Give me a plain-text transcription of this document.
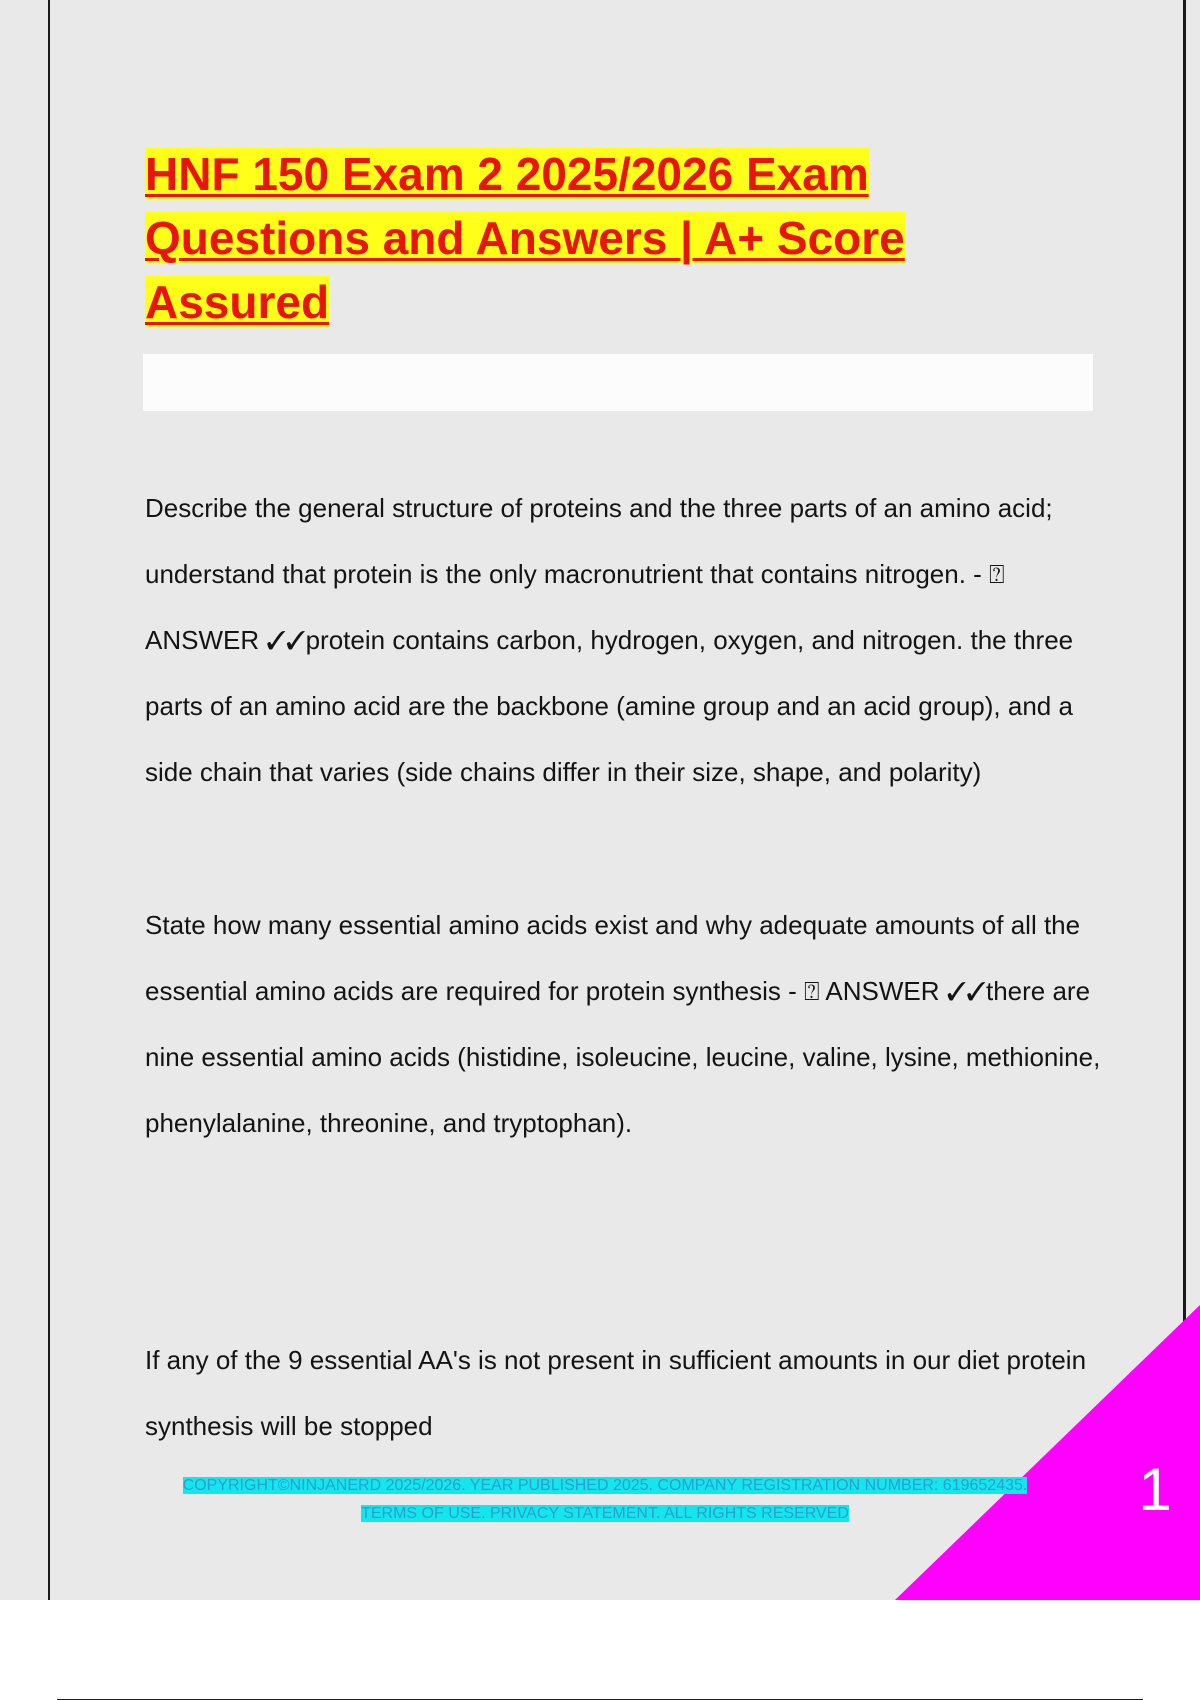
HNF 150 Exam 2 2025/2026 Exam Questions and Answers | A+ Score Assured

Describe the general structure of proteins and the three parts of an amino acid; understand that protein is the only macronutrient that contains nitrogen. - ⍰ ANSWER ✓✓protein contains carbon, hydrogen, oxygen, and nitrogen. the three parts of an amino acid are the backbone (amine group and an acid group), and a side chain that varies (side chains differ in their size, shape, and polarity)

State how many essential amino acids exist and why adequate amounts of all the essential amino acids are required for protein synthesis - ⍰ ANSWER ✓✓there are nine essential amino acids (histidine, isoleucine, leucine, valine, lysine, methionine, phenylalanine, threonine, and tryptophan).

If any of the 9 essential AA's is not present in sufficient amounts in our diet protein synthesis will be stopped

1
COPYRIGHT©NINJANERD 2025/2026. YEAR PUBLISHED 2025. COMPANY REGISTRATION NUMBER: 619652435. TERMS OF USE. PRIVACY STATEMENT. ALL RIGHTS RESERVED
